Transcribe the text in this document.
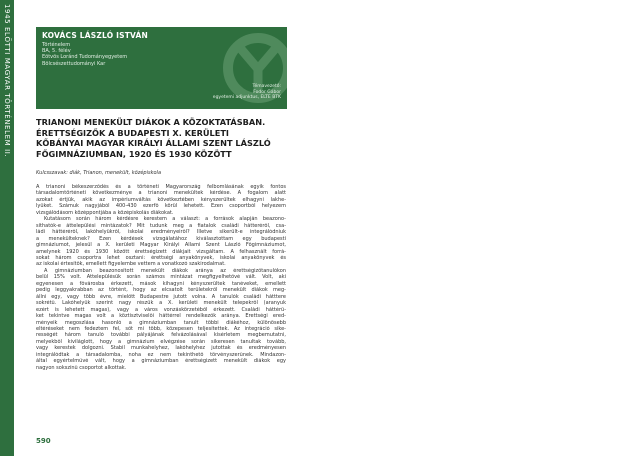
1945 ELŐTTI MAGYAR TÖRTÉNELEM II.	KOVÁCS LÁSZLÓ ISTVÁN
Történelem
BA, 5. félév
Eötvös Loránd Tudományegyetem
Bölcsészettudományi Kar
Témavezető:
Fodor Gábor
egyetemi adjunktus, ELTE BTK
TRIANONI MENEKÜLT DIÁKOK A KÖZOKTATÁSBAN.
ÉRETTSÉGIZŐK A BUDAPESTI X. KERÜLETI
KŐBÁNYAI MAGYAR KIRÁLYI ÁLLAMI SZENT LÁSZLÓ
FŐGIMNÁZIUMBAN, 1920 ÉS 1930 KÖZÖTT
Kulcsszavak: diák, Trianon, menekült, középiskola
A trianoni békeszerződés és a történeti Magyarország felbomlásának egyik fontos
társadalomtörténeti következménye a trianoni menekültek kérdése. A fogalom alatt
azokat értjük, akik az impériumváltás következtében kényszerültek elhagyni lakhe-
lyüket. Számuk nagyjából 400-430 ezerfő körül lehetett. Ezen csoportból helyezem
vizsgálódásom középpontjába a középiskolás diákokat.
Kutatásom során három kérdésre kerestem a választ: a források alapján beazono-
síthatók-e áttelepülési mintázatok? Mit tudunk meg a fiatalok családi hátteréről, csa-
ládi háttéréről, lakóhelyükről, iskolai eredményeiről? Illetve sikerült-e integrálódniuk
a menekülteknek? Ezen kérdések vizsgálatához kiválasztottam egy budapesti
gimnáziumot, jelesül a X. kerületi Magyar Királyi Állami Szent László Főgimnáziumot,
amelynek 1920 és 1930 között érettségizett diákjait vizsgáltam. A felhasznált forrá-
sokat három csoportra lehet osztani: érettségi anyakönyvek, iskolai anyakönyvek és
az iskolai értesítők, emellett figyelembe vettem a vonatkozó szakirodalmat.
A gimnáziumban beazonosított menekült diákok aránya az érettségizőtanulókon
belül 15% volt. Áttelepülésük során számos mintázat megfigyelhetővé vált. Volt, aki
egyenesen a fővárosba érkezett, mások kihagyni kényszerültek tanéveket, emellett
pedig leggyakrabban az történt, hogy az elcsatolt területekről menekült diákok meg-
állni egy, vagy több évre, mielőtt Budapestre jutott volna. A tanulók családi hátttere
sokrétű. Lakóhelyük szerint nagy részük a X. kerületi menekült telepekről (aranyuk
ezért is lehetett magas), vagy a város vonzáskörzetéből érkezett. Családi háttérü-
ket tekintve magas volt a köztisztviselői háttérrel rendelkezők aránya. Érettségi ered-
ményeik megoszlása hasonló a gimnáziumban tanult többi diákéhoz, különösebb
eltéréseket nem fedeztem fel, sőt mi több, közepesen teljesítettek. Az integráció sike-
rességét három tanuló további pályájának felvázolásával kísérletem megbemutatni,
melyekből kiviláglott, hogy a gimnázium elvégzése során sikeresen tanultak tovább,
vagy kerestek dolgozni. Stabil munkahelyhez, lakóhelyhez jutottak és eredményesen
integrálódtak a társadalomba, noha ez nem tekinthető törvényszerűnek. Mindazon-
által egyértelművé vált, hogy a gimnáziumban érettségizett menekült diákok egy
nagyon sokszínű csoportot alkottak.
590
